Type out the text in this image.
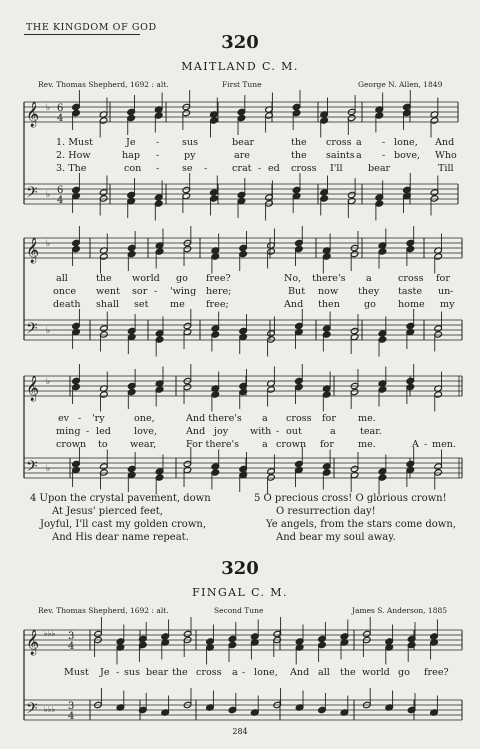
𝄞
𝄢
♭
♭
6
4
6
4
𝄞
𝄢
♭
♭
𝄞
𝄢
♭
♭
𝄞
𝄢
♭♭♭
♭♭♭
3
4
3
4
THE KINGDOM OF GOD
320
MAITLAND C. M.
Rev. Thomas Shepherd, 1692 : alt.	First Tune	George N. Allen, 1849
1. Must	Je - sus	bear	the cross a - lone, And
2. How	hap -	py	are	the saints a - bove, Who
3. The	con - se -	crat - ed cross I'll	bear	Till
all	the world go free?	No, there's a	cross for
once went sor - 'wing here;	But now they taste un -
death shall set me free;	And then	go home my
ev - 'ry	one,	And there's a cross for me.
ming - led love,	And joy with - out	a	tear.
crown to wear,	For there's a crown for	me.	A - men.
4 Upon the crystal pavement, down
At Jesus' pierced feet,
Joyful, I'll cast my golden crown,
And His dear name repeat.
5 O precious cross! O glorious crown!
O resurrection day!
Ye angels, from the stars come down,
And bear my soul away.
320
FINGAL C. M.
Rev. Thomas Shepherd, 1692 : alt.	Second Tune	James S. Anderson, 1885
Must Je - sus bear the cross a - lone, And all the world go free?
284
